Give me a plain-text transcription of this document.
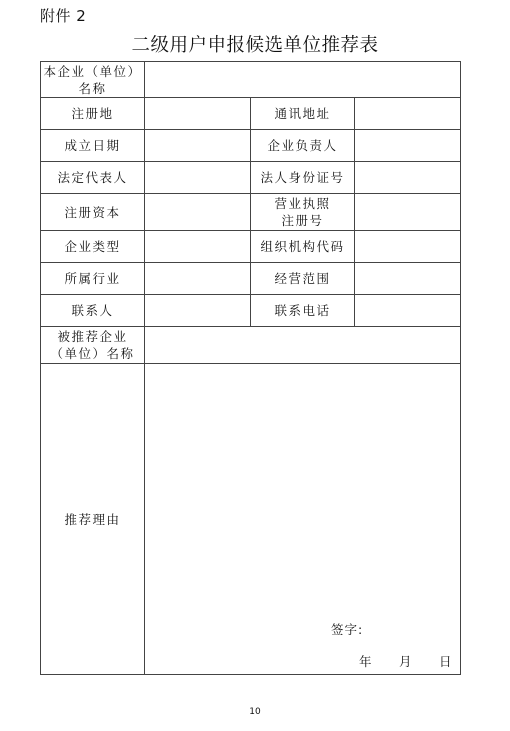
附件 2
二级用户申报候选单位推荐表
本企业（单位）
名称			

注册地		通讯地址	
成立日期		企业负责人	
法定代表人		法人身份证号	
注册资本		营业执照
注册号	

企业类型		组织机构代码	
所属行业		经营范围	
联系人		联系电话	

被推荐企业
（单位）名称			

推荐理由	签字:
年 月 日		
10
